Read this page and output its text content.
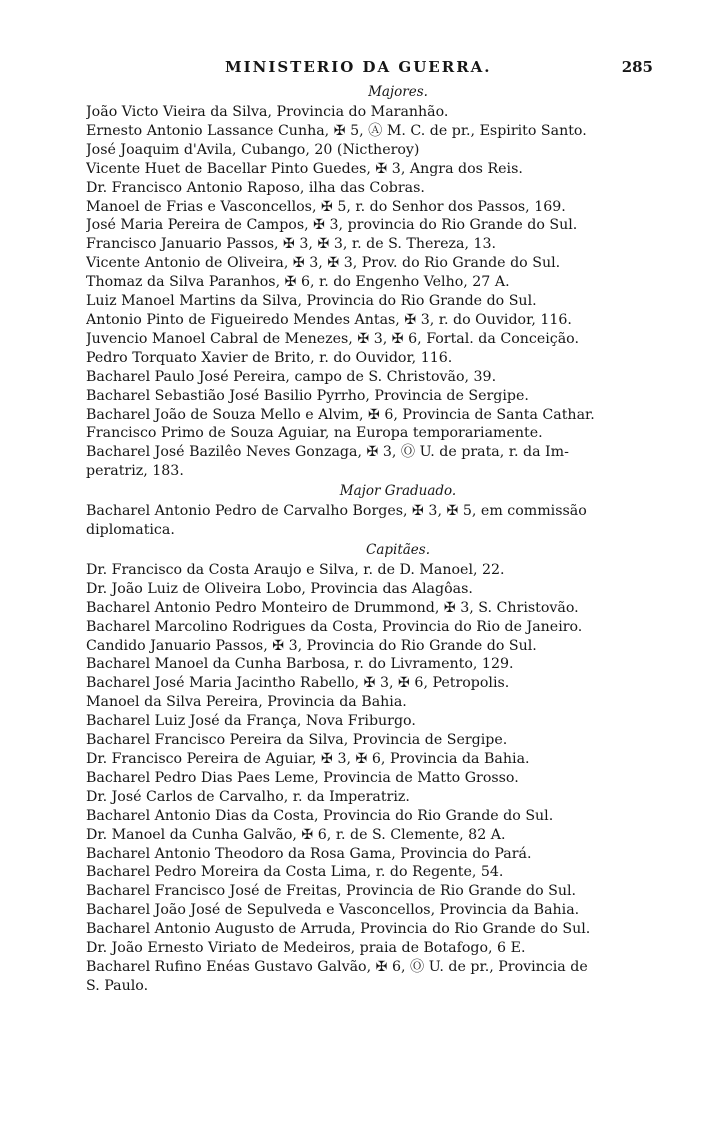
MINISTERIO DA GUERRA.	285
Majores.
João Victo Vieira da Silva, Provincia do Maranhão.
Ernesto Antonio Lassance Cunha, ✠ 5, Ⓐ M. C. de pr., Espirito Santo.
José Joaquim d'Avila, Cubango, 20 (Nictheroy)
Vicente Huet de Bacellar Pinto Guedes, ✠ 3, Angra dos Reis.
Dr. Francisco Antonio Raposo, ilha das Cobras.
Manoel de Frias e Vasconcellos, ✠ 5, r. do Senhor dos Passos, 169.
José Maria Pereira de Campos, ✠ 3, provincia do Rio Grande do Sul.
Francisco Januario Passos, ✠ 3, ✠ 3, r. de S. Thereza, 13.
Vicente Antonio de Oliveira, ✠ 3, ✠ 3, Prov. do Rio Grande do Sul.
Thomaz da Silva Paranhos, ✠ 6, r. do Engenho Velho, 27 A.
Luiz Manoel Martins da Silva, Provincia do Rio Grande do Sul.
Antonio Pinto de Figueiredo Mendes Antas, ✠ 3, r. do Ouvidor, 116.
Juvencio Manoel Cabral de Menezes, ✠ 3, ✠ 6, Fortal. da Conceição.
Pedro Torquato Xavier de Brito, r. do Ouvidor, 116.
Bacharel Paulo José Pereira, campo de S. Christovão, 39.
Bacharel Sebastião José Basilio Pyrrho, Provincia de Sergipe.
Bacharel João de Souza Mello e Alvim, ✠ 6, Provincia de Santa Cathar.
Francisco Primo de Souza Aguiar, na Europa temporariamente.
Bacharel José Bazilêo Neves Gonzaga, ✠ 3, Ⓞ U. de prata, r. da Im-
peratriz, 183.
Major Graduado.
Bacharel Antonio Pedro de Carvalho Borges, ✠ 3, ✠ 5, em commissão
diplomatica.
Capitães.
Dr. Francisco da Costa Araujo e Silva, r. de D. Manoel, 22.
Dr. João Luiz de Oliveira Lobo, Provincia das Alagôas.
Bacharel Antonio Pedro Monteiro de Drummond, ✠ 3, S. Christovão.
Bacharel Marcolino Rodrigues da Costa, Provincia do Rio de Janeiro.
Candido Januario Passos, ✠ 3, Provincia do Rio Grande do Sul.
Bacharel Manoel da Cunha Barbosa, r. do Livramento, 129.
Bacharel José Maria Jacintho Rabello, ✠ 3, ✠ 6, Petropolis.
Manoel da Silva Pereira, Provincia da Bahia.
Bacharel Luiz José da França, Nova Friburgo.
Bacharel Francisco Pereira da Silva, Provincia de Sergipe.
Dr. Francisco Pereira de Aguiar, ✠ 3, ✠ 6, Provincia da Bahia.
Bacharel Pedro Dias Paes Leme, Provincia de Matto Grosso.
Dr. José Carlos de Carvalho, r. da Imperatriz.
Bacharel Antonio Dias da Costa, Provincia do Rio Grande do Sul.
Dr. Manoel da Cunha Galvão, ✠ 6, r. de S. Clemente, 82 A.
Bacharel Antonio Theodoro da Rosa Gama, Provincia do Pará.
Bacharel Pedro Moreira da Costa Lima, r. do Regente, 54.
Bacharel Francisco José de Freitas, Provincia de Rio Grande do Sul.
Bacharel João José de Sepulveda e Vasconcellos, Provincia da Bahia.
Bacharel Antonio Augusto de Arruda, Provincia do Rio Grande do Sul.
Dr. João Ernesto Viriato de Medeiros, praia de Botafogo, 6 E.
Bacharel Rufino Enéas Gustavo Galvão, ✠ 6, Ⓞ U. de pr., Provincia de
S. Paulo.
